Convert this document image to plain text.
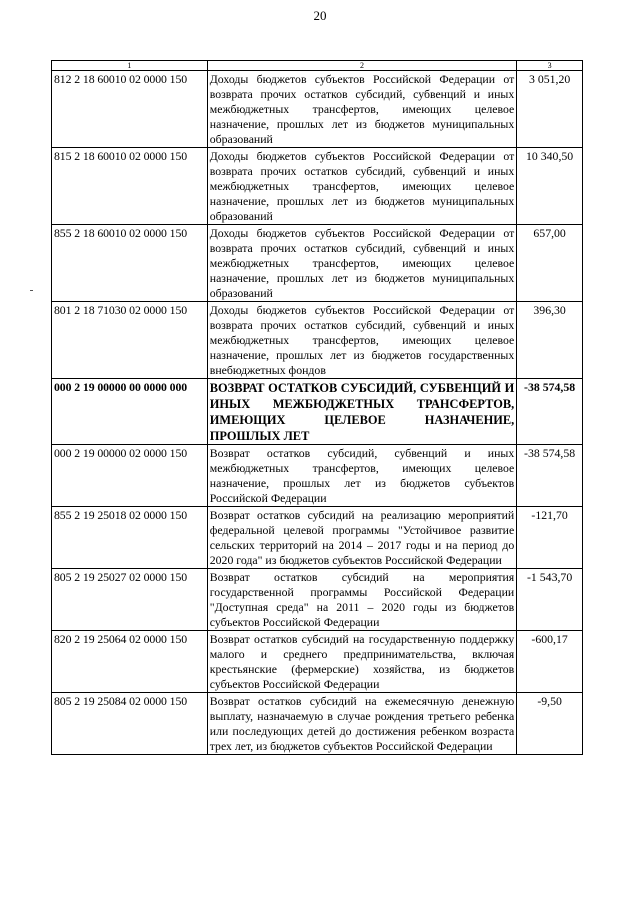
20
1	2	3
812 2 18 60010 02 0000 150	Доходы бюджетов субъектов Российской Федерации от возврата прочих остатков субсидий, субвенций и иных межбюджетных трансфертов, имеющих целевое назначение, прошлых лет из бюджетов муниципальных образований	3 051,20
815 2 18 60010 02 0000 150	Доходы бюджетов субъектов Российской Федерации от возврата прочих остатков субсидий, субвенций и иных межбюджетных трансфертов, имеющих целевое назначение, прошлых лет из бюджетов муниципальных образований	10 340,50
855 2 18 60010 02 0000 150	Доходы бюджетов субъектов Российской Федерации от возврата прочих остатков субсидий, субвенций и иных межбюджетных трансфертов, имеющих целевое назначение, прошлых лет из бюджетов муниципальных образований	657,00
801 2 18 71030 02 0000 150	Доходы бюджетов субъектов Российской Федерации от возврата прочих остатков субсидий, субвенций и иных межбюджетных трансфертов, имеющих целевое назначение, прошлых лет из бюджетов государственных внебюджетных фондов	396,30
000 2 19 00000 00 0000 000	ВОЗВРАТ ОСТАТКОВ СУБСИДИЙ, СУБВЕНЦИЙ И ИНЫХ МЕЖБЮДЖЕТНЫХ ТРАНСФЕРТОВ, ИМЕЮЩИХ ЦЕЛЕВОЕ НАЗНАЧЕНИЕ, ПРОШЛЫХ ЛЕТ	-38 574,58
000 2 19 00000 02 0000 150	Возврат остатков субсидий, субвенций и иных межбюджетных трансфертов, имеющих целевое назначение, прошлых лет из бюджетов субъектов Российской Федерации	-38 574,58
855 2 19 25018 02 0000 150	Возврат остатков субсидий на реализацию мероприятий федеральной целевой программы "Устойчивое развитие сельских территорий на 2014 – 2017 годы и на период до 2020 года" из бюджетов субъектов Российской Федерации	-121,70
805 2 19 25027 02 0000 150	Возврат остатков субсидий на мероприятия государственной программы Российской Федерации "Доступная среда" на 2011 – 2020 годы из бюджетов субъектов Российской Федерации	-1 543,70
820 2 19 25064 02 0000 150	Возврат остатков субсидий на государственную поддержку малого и среднего предпринимательства, включая крестьянские (фермерские) хозяйства, из бюджетов субъектов Российской Федерации	-600,17
805 2 19 25084 02 0000 150	Возврат остатков субсидий на ежемесячную денежную выплату, назначаемую в случае рождения третьего ребенка или последующих детей до достижения ребенком возраста трех лет, из бюджетов субъектов Российской Федерации	-9,50
